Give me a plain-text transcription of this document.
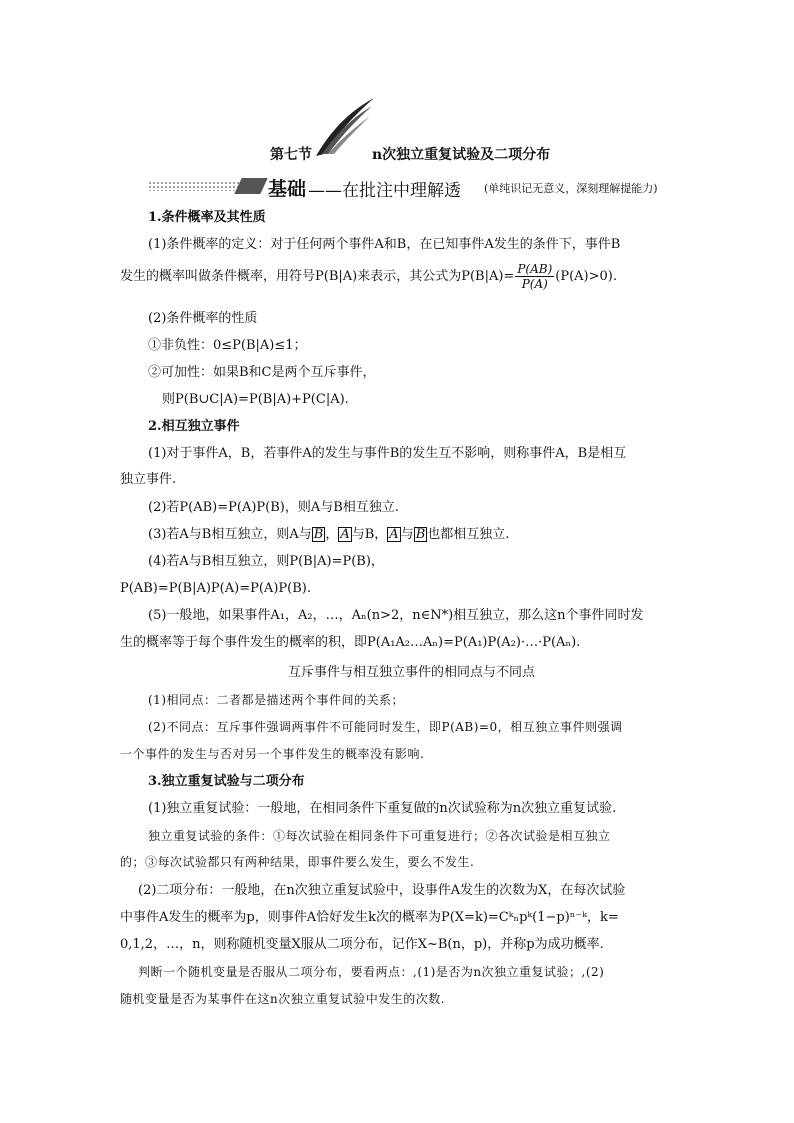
第七节	n次独立重复试验及二项分布
基础 ——在批注中理解透 (单纯识记无意义，深刻理解提能力)
1.条件概率及其性质
(1)条件概率的定义：对于任何两个事件A和B，在已知事件A发生的条件下，事件B
发生的概率叫做条件概率，用符号P(B|A)来表示，其公式为$P(B|A)= \frac{P(AB)}{P(A)} (P(A)>0)$.
(2)条件概率的性质
①非负性：0≤P(B|A)≤1；
②可加性：如果B和C是两个互斥事件，
则P(B∪C|A)=P(B|A)+P(C|A).
2.相互独立事件
(1)对于事件A，B，若事件A的发生与事件B的发生互不影响，则称事件A，B是相互
独立事件.
(2)若P(AB)=P(A)P(B)，则A与B相互独立.
(3)若A与B相互独立，则A与 B ， A 与B， A 与 B 也都相互独立.
(4)若A与B相互独立，则P(B|A)=P(B)，
P(AB)=P(B|A)P(A)=P(A)P(B).
(5)一般地，如果事件A₁，A₂，…，Aₙ(n>2，n∈N*)相互独立，那么这n个事件同时发
生的概率等于每个事件发生的概率的积，即P(A₁A₂…Aₙ)=P(A₁)P(A₂)·…·P(Aₙ).
互斥事件与相互独立事件的相同点与不同点
(1)相同点：二者都是描述两个事件间的关系；
(2)不同点：互斥事件强调两事件不可能同时发生，即P(AB)=0，相互独立事件则强调
一个事件的发生与否对另一个事件发生的概率没有影响.
3.独立重复试验与二项分布
(1)独立重复试验：一般地，在相同条件下重复做的n次试验称为n次独立重复试验.
独立重复试验的条件：①每次试验在相同条件下可重复进行；②各次试验是相互独立
的；③每次试验都只有两种结果，即事件要么发生，要么不发生.
(2)二项分布：一般地，在n次独立重复试验中，设事件A发生的次数为X，在每次试验
中事件A发生的概率为p，则事件A恰好发生k次的概率为P(X=k)=Cᵏₙpᵏ(1−p)ⁿ⁻ᵏ，k=
0,1,2，…，n，则称随机变量X服从二项分布，记作X~B(n，p)，并称p为成功概率.
判断一个随机变量是否服从二项分布，要看两点：,(1)是否为n次独立重复试验；,(2)
随机变量是否为某事件在这n次独立重复试验中发生的次数.
